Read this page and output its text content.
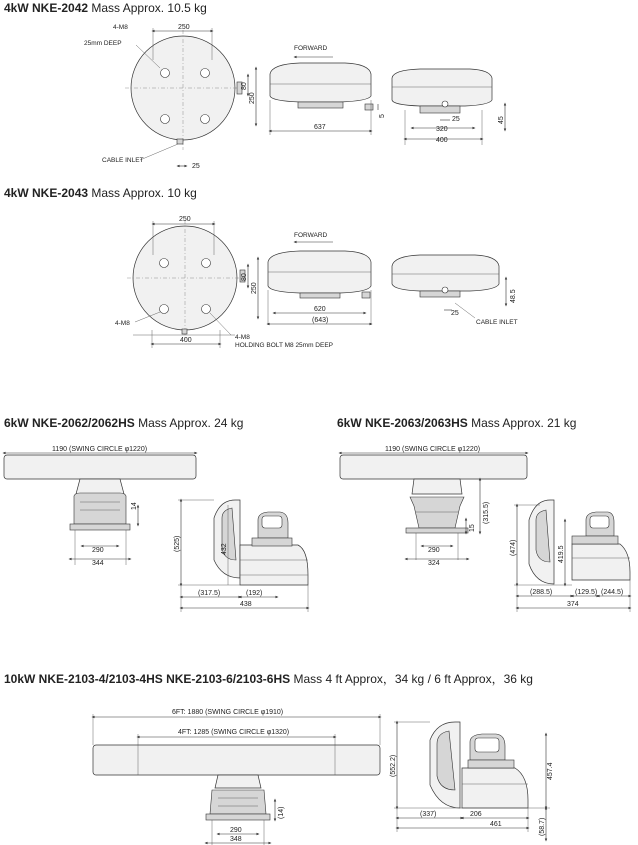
4kW NKE-2042 Mass Approx. 10.5 kg
4kW NKE-2043 Mass Approx. 10 kg
6kW NKE-2062/2062HS Mass Approx. 24 kg	6kW NKE-2063/2063HS Mass Approx. 21 kg
10kW NKE-2103-4/2103-4HS NKE-2103-6/2103-6HS Mass 4 ft Approx，34 kg / 6 ft Approx，36 kg
250
4-M8
25mm DEEP
80
250
CABLE INLET
25
FORWARD
637
5	25
320
400
45
250
80
250
4-M8
4-M8
HOLDING BOLT M8 25mm DEEP
400
FORWARD
620
(643)
48.5
25
CABLE INLET
1190 (SWING CIRCLE φ1220)
14
290
344
(525)	432
(317.5)	(192)
438
1190 (SWING CIRCLE φ1220)
(315.5)
15
290
324
(474)	419.5
(288.5)	(129.5) (244.5)
374
6FT: 1880 (SWING CIRCLE φ1910)
4FT: 1285 (SWING CIRCLE φ1320)
(14)
290
348
(552.2)	457.4
(337)	206
461	(58.7)
